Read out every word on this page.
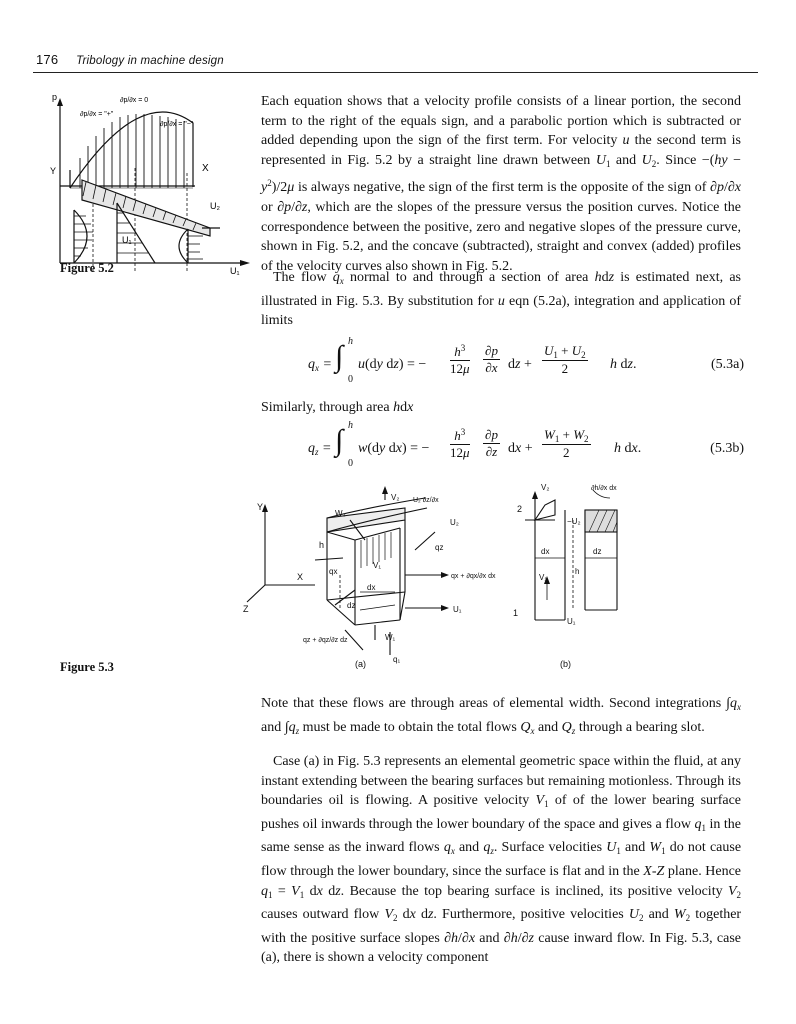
176 Tribology in machine design
p	∂p/∂x = 0
∂p/∂x = "+"
∂p/∂x = "−"
Y	X
U₂
U₁
U₁
Figure 5.2

Each equation shows that a velocity profile consists of a linear portion, the second term to the right of the equals sign, and a parabolic portion which is subtracted or added depending upon the sign of the first term. For velocity u the second term is represented in Fig. 5.2 by a straight line drawn between $U_1$ and $U_2$. Since $-(hy - y^2)/2\mu$ is always negative, the sign of the first term is the opposite of the sign of ∂p/∂x or ∂p/∂z, which are the slopes of the pressure versus the position curves. Notice the correspondence between the positive, zero and negative slopes of the pressure curve, shown in Fig. 5.2, and the concave (subtracted), straight and convex (added) profiles of the velocity curves also shown in Fig. 5.2.

The flow $q_x$ normal to and through a section of area hdz is estimated next, as illustrated in Fig. 5.3. By substitution for u eqn (5.2a), integration and application of limits

$q_x$ = ∫ h
0
u(dy dz) = − $\frac{h^3}{12\mu} \frac{\partial p}{\partial x}$ dz + $\frac{U_1 + U_2}{2}$ h dz.	(5.3a)
Similarly, through area hdx
$q_z$ = ∫ h
0
w(dy dx) = − $\frac{h^3}{12\mu} \frac{\partial p}{\partial z}$ dx + $\frac{W_1 + W_2}{2}$ h dx.	(5.3b)
Y
X
Z
h
V₂ U₂ ∂z/∂x
U₂
W₂
qz
qx
V₁
dx
dz
qx + ∂qx/∂x dx
U₁
W₁
q₁
qz + ∂qz/∂z dz
V₂	∂h/∂x dx
2
−U₂
dx	dz
h
V₁
1
U₁
(a)	(b)
Figure 5.3

Note that these flows are through areas of elemental width. Second integrations $\int q_x$ and $\int q_z$ must be made to obtain the total flows $Q_x$ and $Q_z$ through a bearing slot.

Case (a) in Fig. 5.3 represents an elemental geometric space within the fluid, at any instant extending between the bearing surfaces but remaining motionless. Through its boundaries oil is flowing. A positive velocity $V_1$ of of the lower bearing surface pushes oil inwards through the lower boundary of the space and gives a flow $q_1$ in the same sense as the inward flows $q_x$ and $q_z$. Surface velocities $U_1$ and $W_1$ do not cause flow through the lower boundary, since the surface is flat and in the X-Z plane. Hence $q_1 = V_1$ dx dz. Because the top bearing surface is inclined, its positive velocity $V_2$ causes outward flow $V_2$ dx dz. Furthermore, positive velocities $U_2$ and $W_2$ together with the positive surface slopes ∂h/∂x and ∂h/∂z cause inward flow. In Fig. 5.3, case (a), there is shown a velocity component
